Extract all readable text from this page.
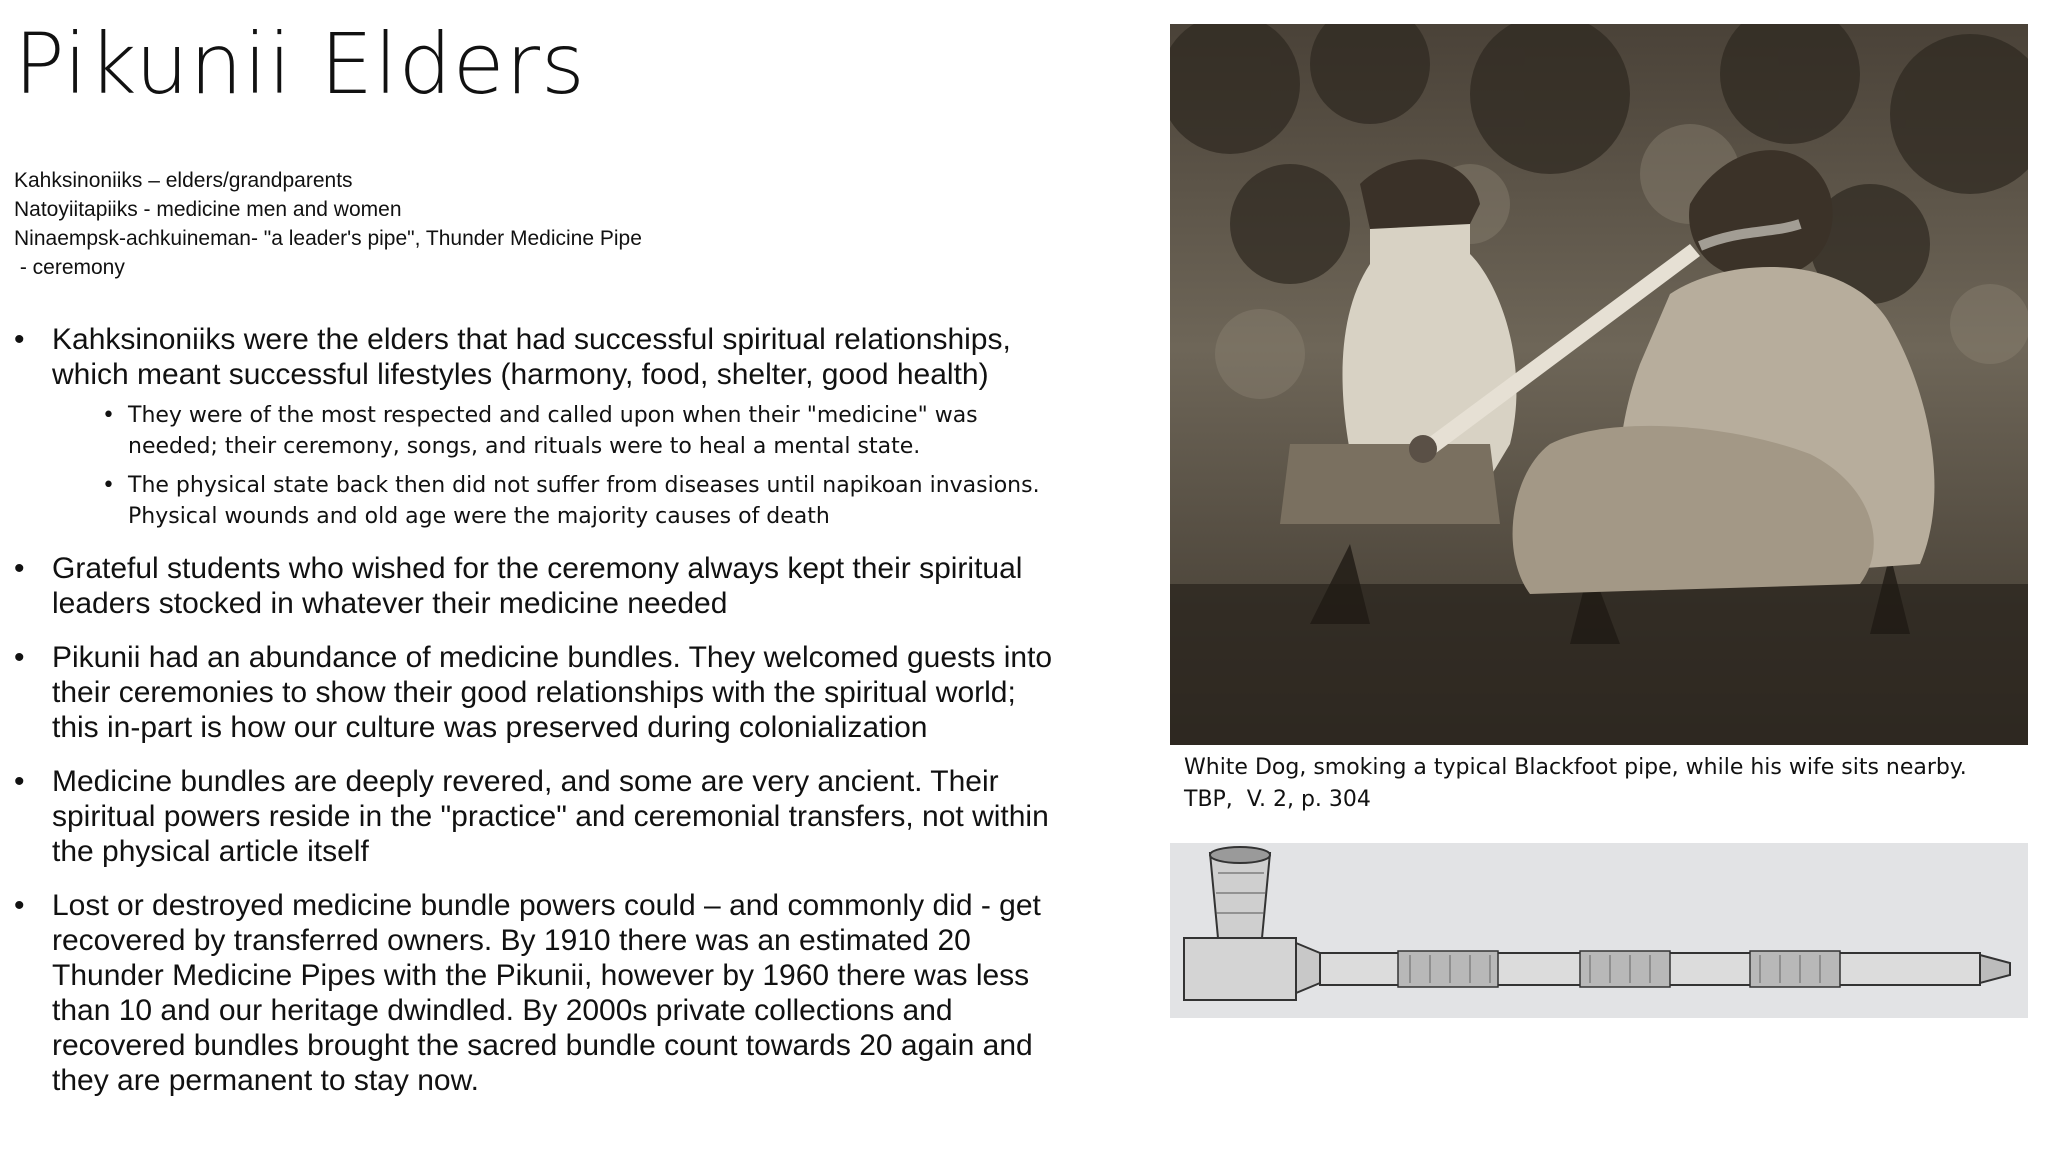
Pikunii Elders
Kahksinoniiks – elders/grandparents
Natoyiitapiiks - medicine men and women
Ninaempsk-achkuineman- "a leader's pipe", Thunder Medicine Pipe
- ceremony
• Kahksinoniiks were the elders that had successful spiritual relationships, which meant successful lifestyles (harmony, food, shelter, good health)
• They were of the most respected and called upon when their "medicine" was needed; their ceremony, songs, and rituals were to heal a mental state.
• The physical state back then did not suffer from diseases until napikoan invasions. Physical wounds and old age were the majority causes of death
• Grateful students who wished for the ceremony always kept their spiritual leaders stocked in whatever their medicine needed
• Pikunii had an abundance of medicine bundles. They welcomed guests into their ceremonies to show their good relationships with the spiritual world; this in-part is how our culture was preserved during colonialization
• Medicine bundles are deeply revered, and some are very ancient. Their spiritual powers reside in the "practice" and ceremonial transfers, not within the physical article itself
• Lost or destroyed medicine bundle powers could – and commonly did - get recovered by transferred owners. By 1910 there was an estimated 20 Thunder Medicine Pipes with the Pikunii, however by 1960 there was less than 10 and our heritage dwindled. By 2000s private collections and recovered bundles brought the sacred bundle count towards 20 again and they are permanent to stay now.
White Dog, smoking a typical Blackfoot pipe, while his wife sits nearby.
TBP,  V. 2, p. 304
